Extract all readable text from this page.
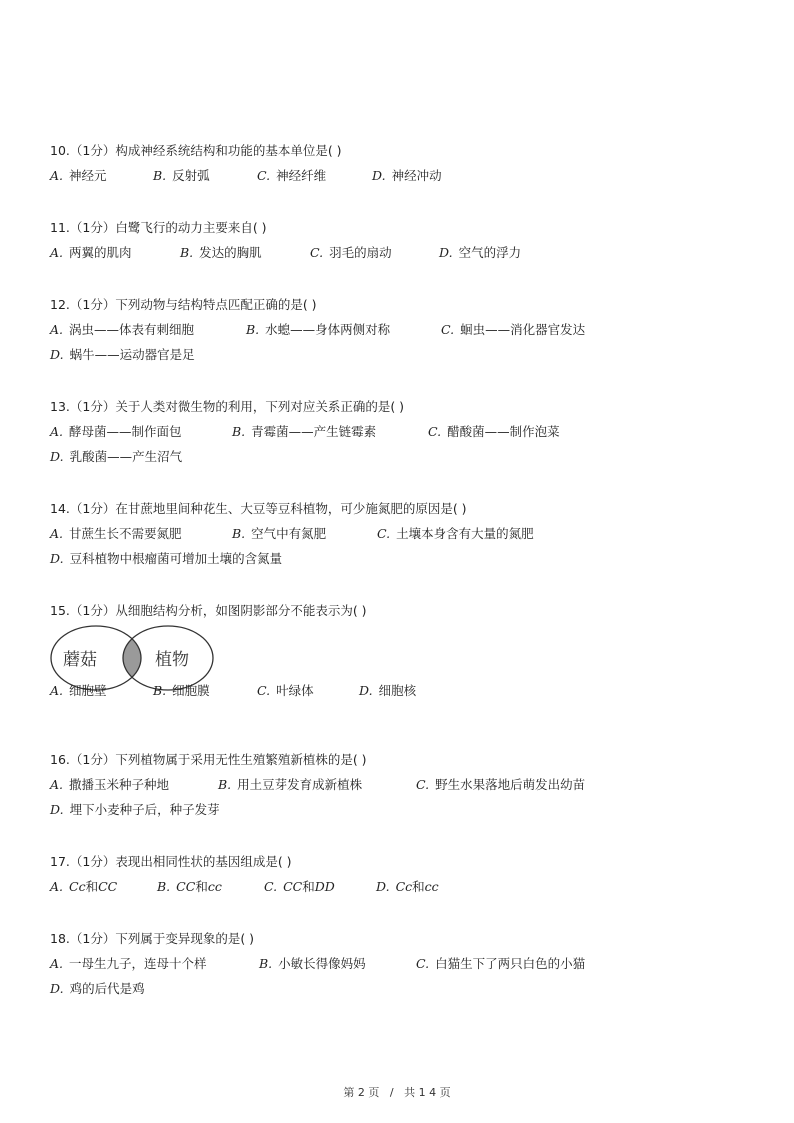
10.（1分）构成神经系统结构和功能的基本单位是( )
A. 神经元	B. 反射弧	C. 神经纤维	D. 神经冲动
11.（1分）白鹭飞行的动力主要来自( )
A. 两翼的肌肉	B. 发达的胸肌	C. 羽毛的扇动	D. 空气的浮力
12.（1分）下列动物与结构特点匹配正确的是( )
A. 涡虫——体表有刺细胞	B. 水螅——身体两侧对称	C. 蛔虫——消化器官发达
D. 蜗牛——运动器官是足
13.（1分）关于人类对微生物的利用，下列对应关系正确的是( )
A. 酵母菌——制作面包	B. 青霉菌——产生链霉素	C. 醋酸菌——制作泡菜
D. 乳酸菌——产生沼气
14.（1分）在甘蔗地里间种花生、大豆等豆科植物，可少施氮肥的原因是( )
A. 甘蔗生长不需要氮肥	B. 空气中有氮肥	C. 土壤本身含有大量的氮肥
D. 豆科植物中根瘤菌可增加土壤的含氮量
15.（1分）从细胞结构分析，如图阴影部分不能表示为( )
蘑菇	植物
A. 细胞壁	B. 细胞膜	C. 叶绿体	D. 细胞核
16.（1分）下列植物属于采用无性生殖繁殖新植株的是( )
A. 撒播玉米种子种地	B. 用土豆芽发育成新植株	C. 野生水果落地后萌发出幼苗
D. 埋下小麦种子后，种子发芽
17.（1分）表现出相同性状的基因组成是( )
A. Cc和CC	B. CC和cc	C. CC和DD	D. Cc和cc
18.（1分）下列属于变异现象的是( )
A. 一母生九子，连母十个样	B. 小敏长得像妈妈	C. 白猫生下了两只白色的小猫
D. 鸡的后代是鸡
第 2 页 / 共 1 4 页
